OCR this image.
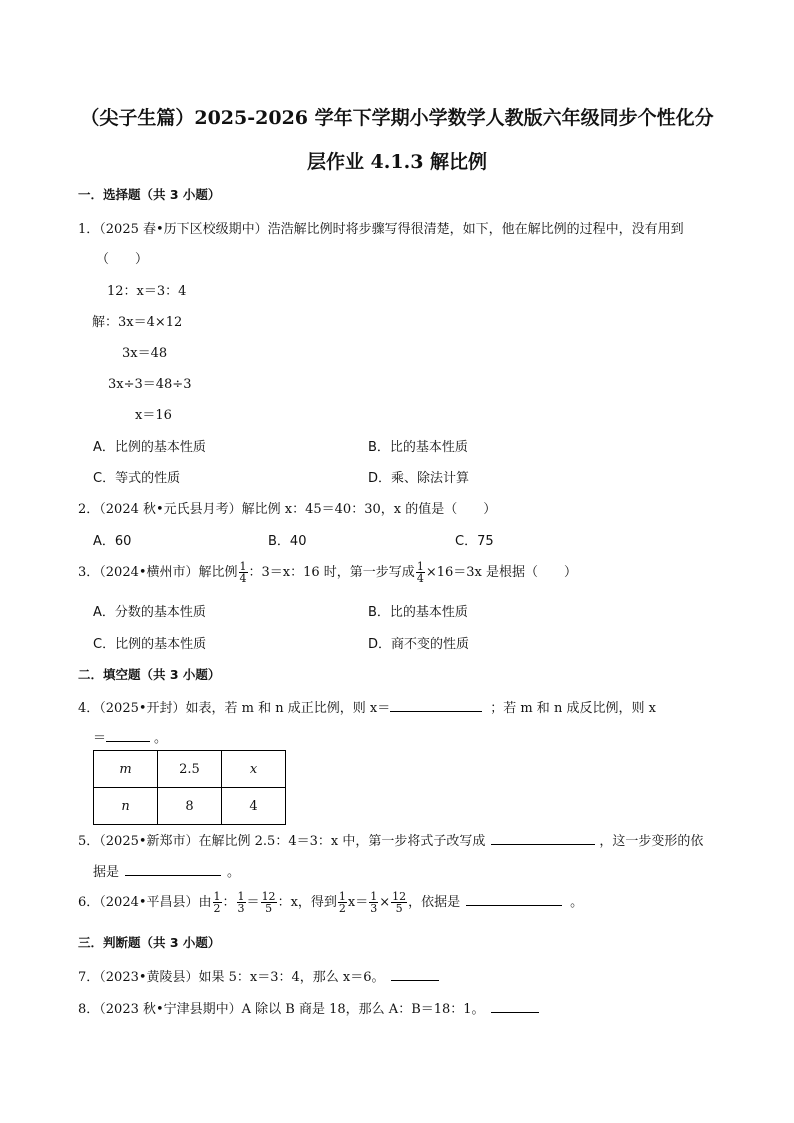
（尖子生篇）2025-2026 学年下学期小学数学人教版六年级同步个性化分
层作业 4.1.3 解比例
一．选择题（共 3 小题）
1．（2025 春•历下区校级期中）浩浩解比例时将步骤写得很清楚，如下，他在解比例的过程中，没有用到
（　　）
12：x＝3：4
解：3x＝4×12
3x＝48
3x÷3＝48÷3
x＝16
A．比例的基本性质	B．比的基本性质
C．等式的性质	D．乘、除法计算
2．（2024 秋•元氏县月考）解比例 x：45＝40：30，x 的值是（　　）
A．60	B．40	C．75
3．（2024•横州市）解比例 $\frac{1}{4}$ ：3＝x：16 时，第一步写成 $\frac{1}{4} \times 16=3x$ 是根据（　　）
A．分数的基本性质	B．比的基本性质
C．比例的基本性质	D．商不变的性质
二．填空题（共 3 小题）
4．（2025•开封）如表，若 m 和 n 成正比例，则 x＝	；若 m 和 n 成反比例，则 x
＝	。
m	2.5	x
n	8	4
5．（2025•新郑市）在解比例 2.5：4＝3：x 中，第一步将式子改写成	，这一步变形的依
据是	。
6．（2024•平昌县）由 $\frac{1}{2}$ ： $\frac{1}{3} = \frac{12}{5}$ ：x，得到 $\frac{1}{2} x= \frac{1}{3} \times \frac{12}{5}$ ，依据是	。
三．判断题（共 3 小题）
7．（2023•黄陵县）如果 5：x＝3：4，那么 x＝6。
8．（2023 秋•宁津县期中）A 除以 B 商是 18，那么 A：B＝18：1。
